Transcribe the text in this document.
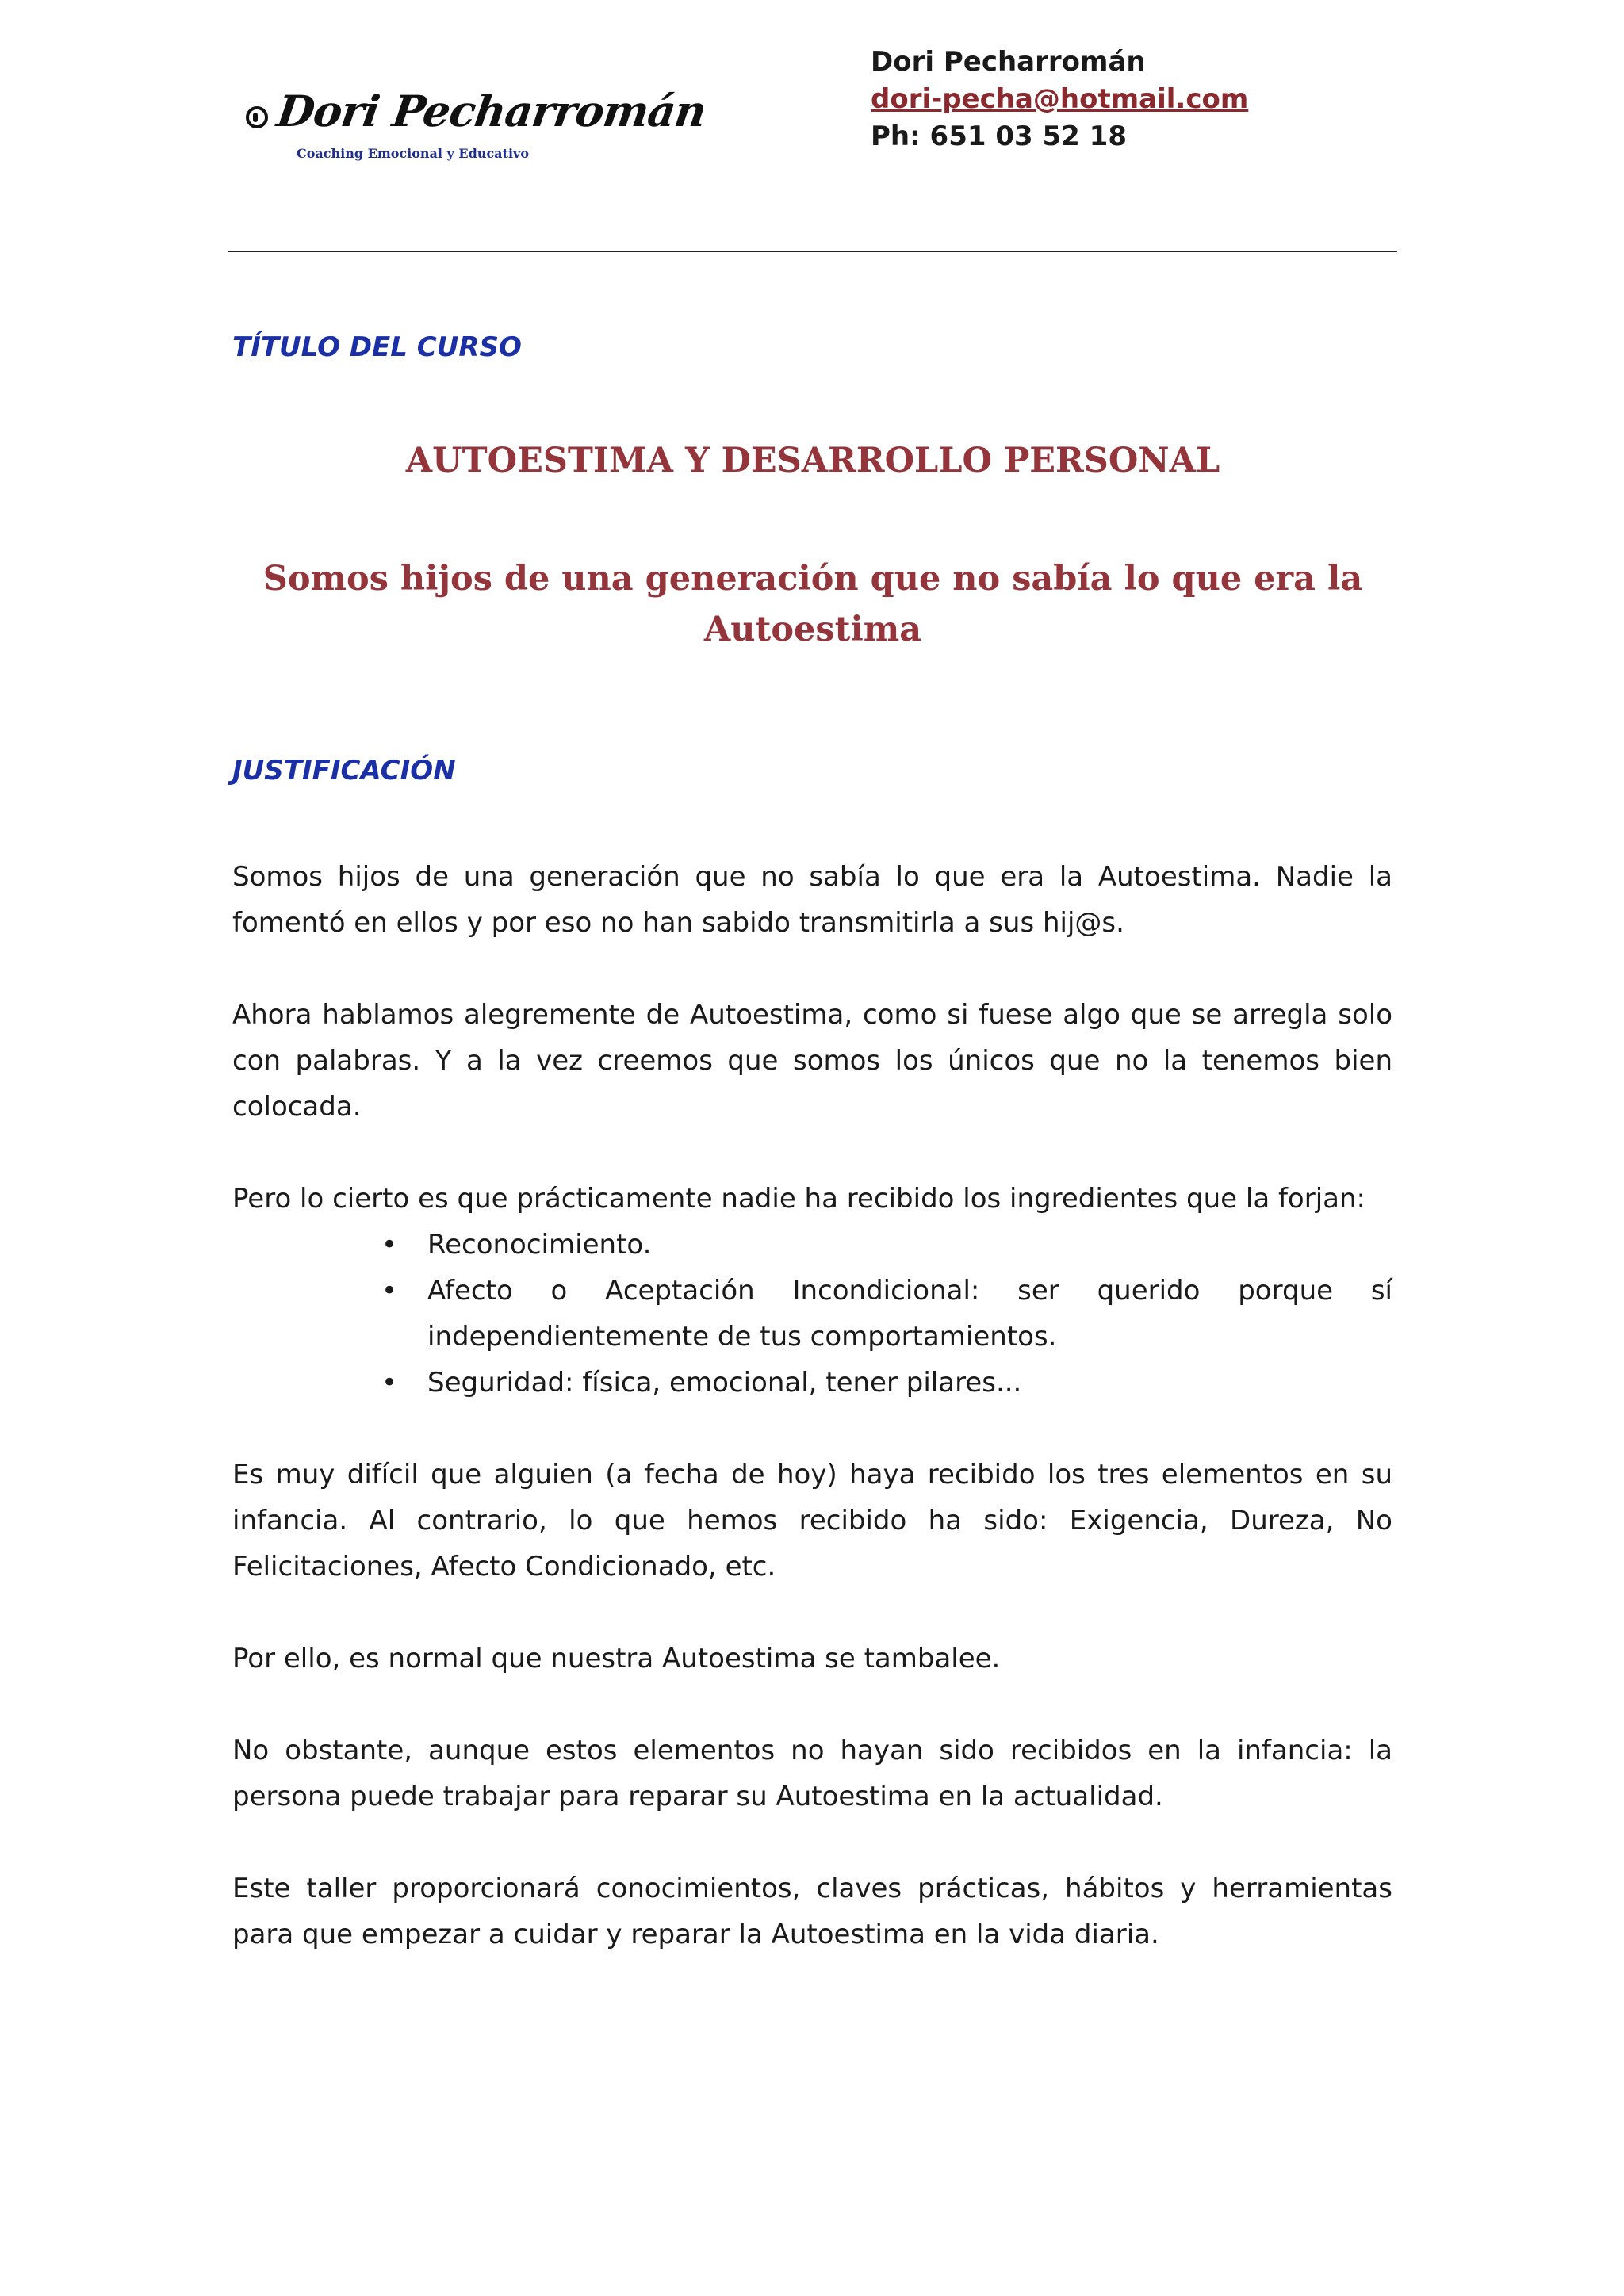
Dori Pecharromán
Coaching Emocional y Educativo
Dori Pecharromán
dori-pecha@hotmail.com
Ph: 651 03 52 18
TÍTULO DEL CURSO
AUTOESTIMA Y DESARROLLO PERSONAL
Somos hijos de una generación que no sabía lo que era la
Autoestima
JUSTIFICACIÓN

Somos hijos de una generación que no sabía lo que era la Autoestima. Nadie la fomentó en ellos y por eso no han sabido transmitirla a sus hij@s.

Ahora hablamos alegremente de Autoestima, como si fuese algo que se arregla solo con palabras. Y a la vez creemos que somos los únicos que no la tenemos bien colocada.

Pero lo cierto es que prácticamente nadie ha recibido los ingredientes que la forjan:

• Reconocimiento.
• Afecto o Aceptación Incondicional: ser querido porque sí independientemente de tus comportamientos.
• Seguridad: física, emocional, tener pilares...

Es muy difícil que alguien (a fecha de hoy) haya recibido los tres elementos en su infancia. Al contrario, lo que hemos recibido ha sido: Exigencia, Dureza, No Felicitaciones, Afecto Condicionado, etc.

Por ello, es normal que nuestra Autoestima se tambalee.

No obstante, aunque estos elementos no hayan sido recibidos en la infancia: la persona puede trabajar para reparar su Autoestima en la actualidad.

Este taller proporcionará conocimientos, claves prácticas, hábitos y herramientas para que empezar a cuidar y reparar la Autoestima en la vida diaria.
